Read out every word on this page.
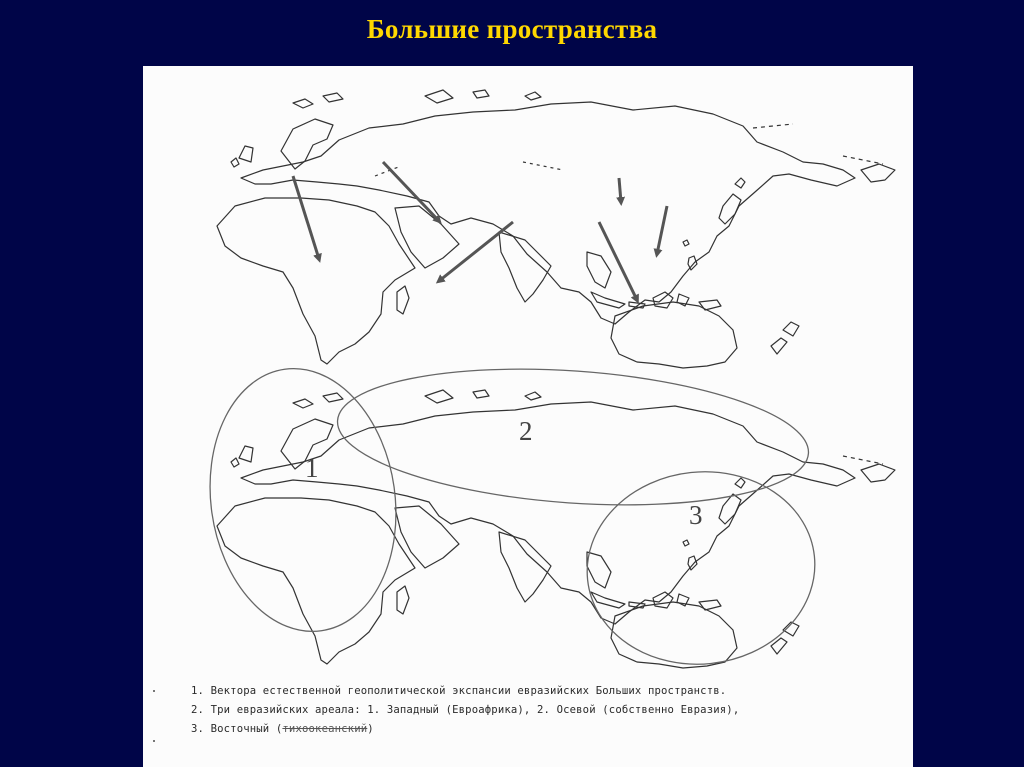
Большие пространства
1
2
3
1. Вектора естественной геополитической экспансии евразийских Больших пространств.
2. Три евразийских ареала: 1. Западный (Евроафрика), 2. Осевой (собственно Евразия),
3. Восточный (тихоокеанский)
